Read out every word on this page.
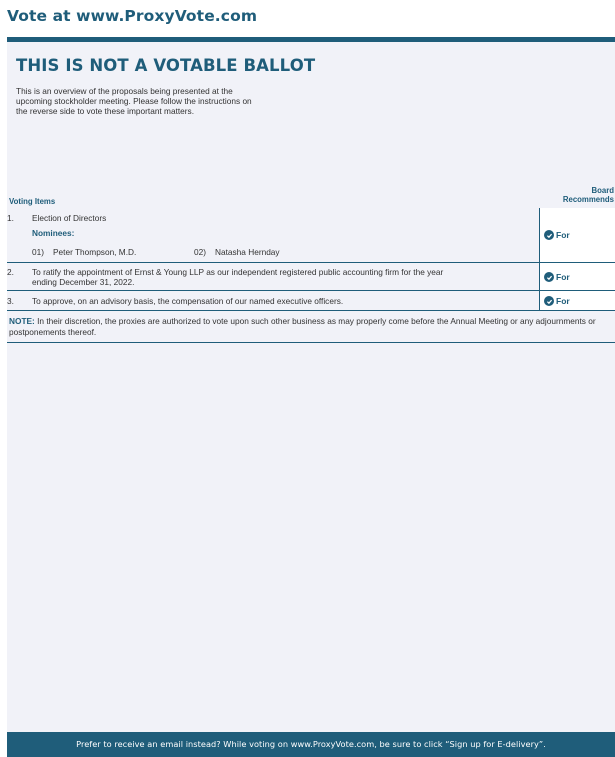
Vote at www.ProxyVote.com
THIS IS NOT A VOTABLE BALLOT
This is an overview of the proposals being presented at the
upcoming stockholder meeting. Please follow the instructions on
the reverse side to vote these important matters.
Voting Items
Board
Recommends
1. Election of Directors
Nominees:
01) Peter Thompson, M.D.	02) Natasha Hernday
For
2. To ratify the appointment of Ernst & Young LLP as our independent registered public accounting firm for the year
ending December 31, 2022.
For
3. To approve, on an advisory basis, the compensation of our named executive officers.	For
NOTE: In their discretion, the proxies are authorized to vote upon such other business as may properly come before the Annual Meeting or any adjournments or postponements thereof.
Prefer to receive an email instead? While voting on www.ProxyVote.com, be sure to click “Sign up for E-delivery”.
